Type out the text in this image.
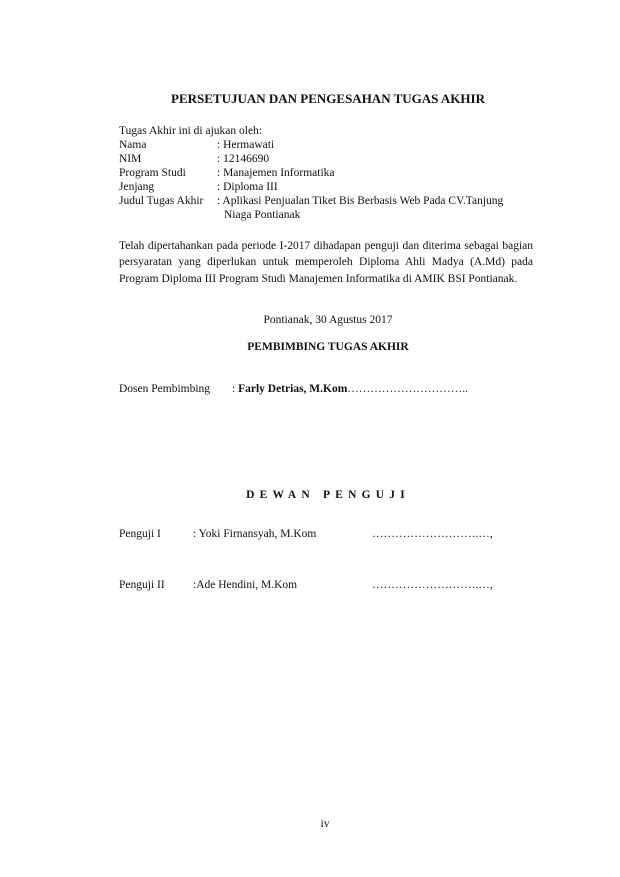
PERSETUJUAN DAN PENGESAHAN TUGAS AKHIR
Tugas Akhir ini di ajukan oleh:
Nama	: Hermawati
NIM	: 12146690
Program Studi	: Manajemen Informatika
Jenjang	: Diploma III
Judul Tugas Akhir : Aplikasi Penjualan Tiket Bis Berbasis Web Pada CV.Tanjung
Niaga Pontianak
Telah dipertahankan pada periode I-2017 dihadapan penguji dan diterima sebagai bagian persyaratan yang diperlukan untuk memperoleh Diploma Ahli Madya (A.Md) pada Program Diploma III Program Studi Manajemen Informatika di AMIK BSI Pontianak.
Pontianak, 30 Agustus 2017
PEMBIMBING TUGAS AKHIR
Dosen Pembimbing : Farly Detrias, M.Kom…………………………..
DEWAN PENGUJI
Penguji I	: Yoki Firnansyah, M.Kom	……………………….…,
Penguji II :Ade Hendini, M.Kom	……………………….…,
iv
